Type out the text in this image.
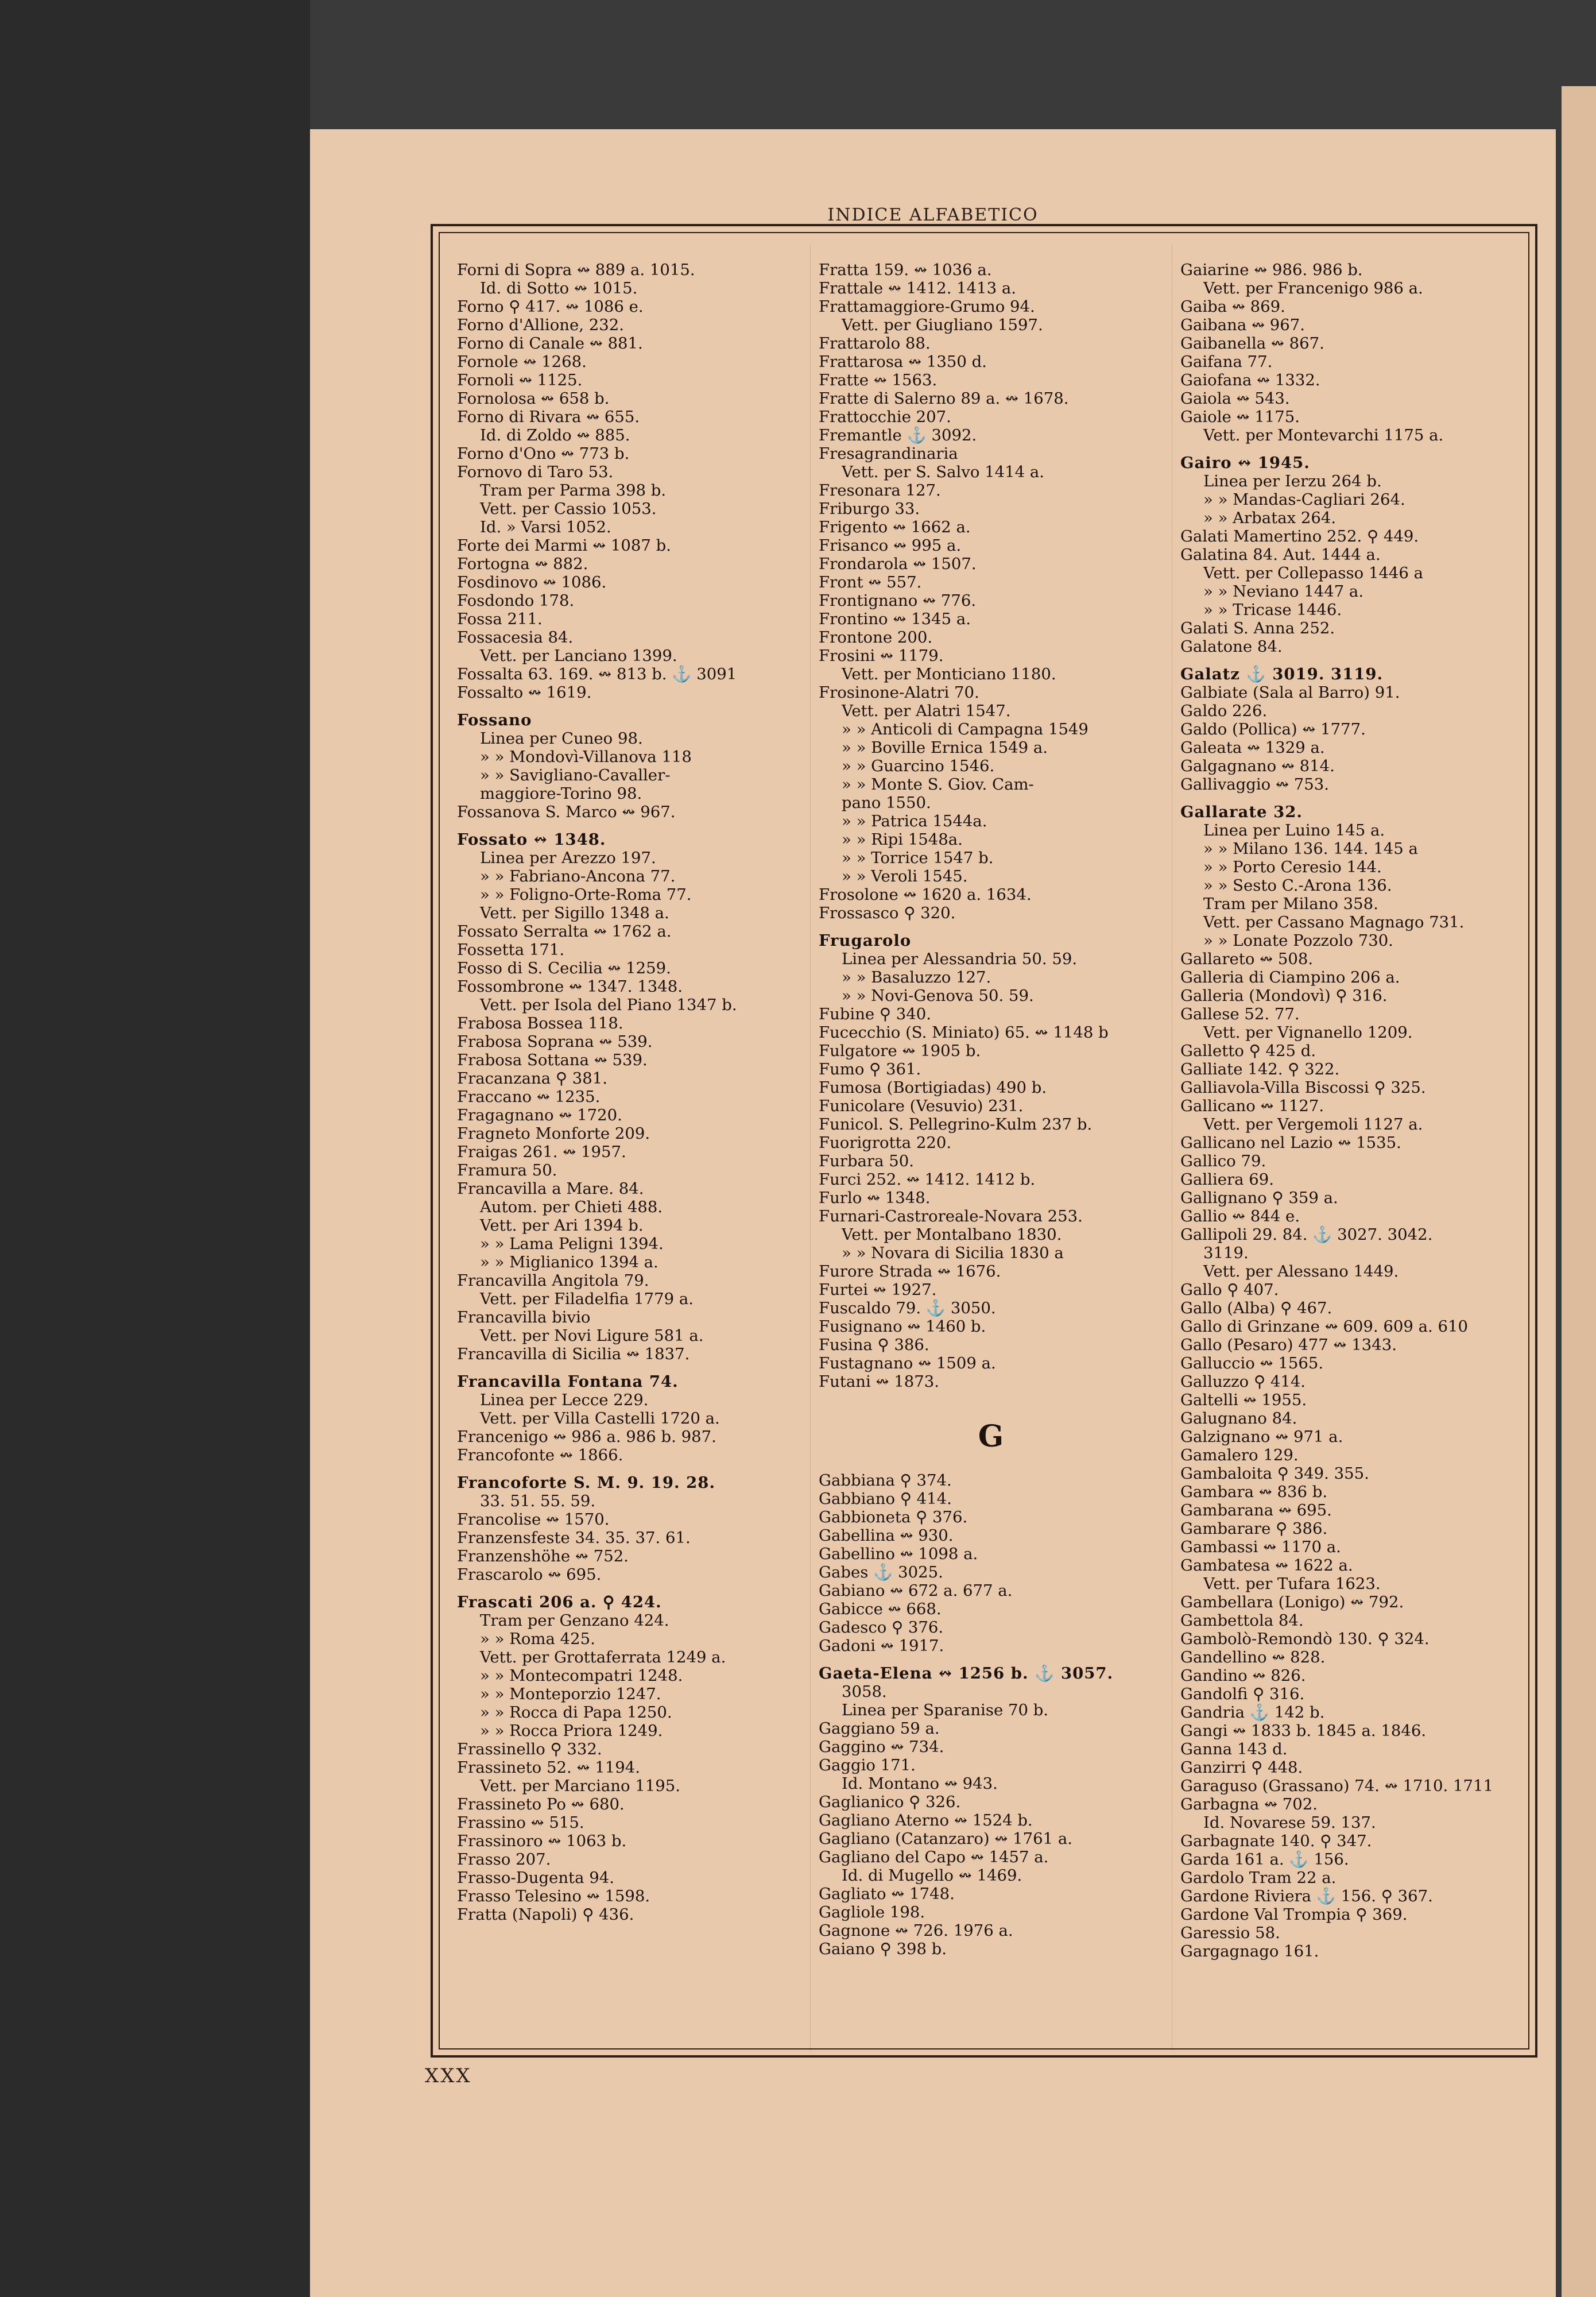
INDICE ALFABETICO
Forni di Sopra ↭ 889 a. 1015.
Id. di Sotto ↭ 1015.
Forno ⚲ 417. ↭ 1086 e.
Forno d'Allione, 232.
Forno di Canale ↭ 881.
Fornole ↭ 1268.
Fornoli ↭ 1125.
Fornolosa ↭ 658 b.
Forno di Rivara ↭ 655.
Id. di Zoldo ↭ 885.
Forno d'Ono ↭ 773 b.
Fornovo di Taro 53.
Tram per Parma 398 b.
Vett. per Cassio 1053.
Id. » Varsi 1052.
Forte dei Marmi ↭ 1087 b.
Fortogna ↭ 882.
Fosdinovo ↭ 1086.
Fosdondo 178.
Fossa 211.
Fossacesia 84.
Vett. per Lanciano 1399.
Fossalta 63. 169. ↭ 813 b. ⚓ 3091
Fossalto ↭ 1619.
Fossano
Linea per Cuneo 98.
» » Mondovì-Villanova 118
» » Savigliano-Cavaller-
maggiore-Torino 98.
Fossanova S. Marco ↭ 967.
Fossato ↭ 1348.
Linea per Arezzo 197.
» » Fabriano-Ancona 77.
» » Foligno-Orte-Roma 77.
Vett. per Sigillo 1348 a.
Fossato Serralta ↭ 1762 a.
Fossetta 171.
Fosso di S. Cecilia ↭ 1259.
Fossombrone ↭ 1347. 1348.
Vett. per Isola del Piano 1347 b.
Frabosa Bossea 118.
Frabosa Soprana ↭ 539.
Frabosa Sottana ↭ 539.
Fracanzana ⚲ 381.
Fraccano ↭ 1235.
Fragagnano ↭ 1720.
Fragneto Monforte 209.
Fraigas 261. ↭ 1957.
Framura 50.
Francavilla a Mare. 84.
Autom. per Chieti 488.
Vett. per Ari 1394 b.
» » Lama Peligni 1394.
» » Miglianico 1394 a.
Francavilla Angitola 79.
Vett. per Filadelfia 1779 a.
Francavilla bivio
Vett. per Novi Ligure 581 a.
Francavilla di Sicilia ↭ 1837.
Francavilla Fontana 74.
Linea per Lecce 229.
Vett. per Villa Castelli 1720 a.
Francenigo ↭ 986 a. 986 b. 987.
Francofonte ↭ 1866.
Francoforte S. M. 9. 19. 28.
33. 51. 55. 59.
Francolise ↭ 1570.
Franzensfeste 34. 35. 37. 61.
Franzenshöhe ↭ 752.
Frascarolo ↭ 695.
Frascati 206 a. ⚲ 424.
Tram per Genzano 424.
» » Roma 425.
Vett. per Grottaferrata 1249 a.
» » Montecompatri 1248.
» » Monteporzio 1247.
» » Rocca di Papa 1250.
» » Rocca Priora 1249.
Frassinello ⚲ 332.
Frassineto 52. ↭ 1194.
Vett. per Marciano 1195.
Frassineto Po ↭ 680.
Frassino ↭ 515.
Frassinoro ↭ 1063 b.
Frasso 207.
Frasso-Dugenta 94.
Frasso Telesino ↭ 1598.
Fratta (Napoli) ⚲ 436.
Fratta 159. ↭ 1036 a.
Frattale ↭ 1412. 1413 a.
Frattamaggiore-Grumo 94.
Vett. per Giugliano 1597.
Frattarolo 88.
Frattarosa ↭ 1350 d.
Fratte ↭ 1563.
Fratte di Salerno 89 a. ↭ 1678.
Frattocchie 207.
Fremantle ⚓ 3092.
Fresagrandinaria
Vett. per S. Salvo 1414 a.
Fresonara 127.
Friburgo 33.
Frigento ↭ 1662 a.
Frisanco ↭ 995 a.
Frondarola ↭ 1507.
Front ↭ 557.
Frontignano ↭ 776.
Frontino ↭ 1345 a.
Frontone 200.
Frosini ↭ 1179.
Vett. per Monticiano 1180.
Frosinone-Alatri 70.
Vett. per Alatri 1547.
» » Anticoli di Campagna 1549
» » Boville Ernica 1549 a.
» » Guarcino 1546.
» » Monte S. Giov. Cam-
pano 1550.
» » Patrica 1544a.
» » Ripi 1548a.
» » Torrice 1547 b.
» » Veroli 1545.
Frosolone ↭ 1620 a. 1634.
Frossasco ⚲ 320.
Frugarolo
Linea per Alessandria 50. 59.
» » Basaluzzo 127.
» » Novi-Genova 50. 59.
Fubine ⚲ 340.
Fucecchio (S. Miniato) 65. ↭ 1148 b
Fulgatore ↭ 1905 b.
Fumo ⚲ 361.
Fumosa (Bortigiadas) 490 b.
Funicolare (Vesuvio) 231.
Funicol. S. Pellegrino-Kulm 237 b.
Fuorigrotta 220.
Furbara 50.
Furci 252. ↭ 1412. 1412 b.
Furlo ↭ 1348.
Furnari-Castroreale-Novara 253.
Vett. per Montalbano 1830.
» » Novara di Sicilia 1830 a
Furore Strada ↭ 1676.
Furtei ↭ 1927.
Fuscaldo 79. ⚓ 3050.
Fusignano ↭ 1460 b.
Fusina ⚲ 386.
Fustagnano ↭ 1509 a.
Futani ↭ 1873.
G
Gabbiana ⚲ 374.
Gabbiano ⚲ 414.
Gabbioneta ⚲ 376.
Gabellina ↭ 930.
Gabellino ↭ 1098 a.
Gabes ⚓ 3025.
Gabiano ↭ 672 a. 677 a.
Gabicce ↭ 668.
Gadesco ⚲ 376.
Gadoni ↭ 1917.
Gaeta-Elena ↭ 1256 b. ⚓ 3057.
3058.
Linea per Sparanise 70 b.
Gaggiano 59 a.
Gaggino ↭ 734.
Gaggio 171.
Id. Montano ↭ 943.
Gaglianico ⚲ 326.
Gagliano Aterno ↭ 1524 b.
Gagliano (Catanzaro) ↭ 1761 a.
Gagliano del Capo ↭ 1457 a.
Id. di Mugello ↭ 1469.
Gagliato ↭ 1748.
Gagliole 198.
Gagnone ↭ 726. 1976 a.
Gaiano ⚲ 398 b.
Gaiarine ↭ 986. 986 b.
Vett. per Francenigo 986 a.
Gaiba ↭ 869.
Gaibana ↭ 967.
Gaibanella ↭ 867.
Gaifana 77.
Gaiofana ↭ 1332.
Gaiola ↭ 543.
Gaiole ↭ 1175.
Vett. per Montevarchi 1175 a.
Gairo ↭ 1945.
Linea per Ierzu 264 b.
» » Mandas-Cagliari 264.
» » Arbatax 264.
Galati Mamertino 252. ⚲ 449.
Galatina 84. Aut. 1444 a.
Vett. per Collepasso 1446 a
» » Neviano 1447 a.
» » Tricase 1446.
Galati S. Anna 252.
Galatone 84.
Galatz ⚓ 3019. 3119.
Galbiate (Sala al Barro) 91.
Galdo 226.
Galdo (Pollica) ↭ 1777.
Galeata ↭ 1329 a.
Galgagnano ↭ 814.
Gallivaggio ↭ 753.
Gallarate 32.
Linea per Luino 145 a.
» » Milano 136. 144. 145 a
» » Porto Ceresio 144.
» » Sesto C.-Arona 136.
Tram per Milano 358.
Vett. per Cassano Magnago 731.
» » Lonate Pozzolo 730.
Gallareto ↭ 508.
Galleria di Ciampino 206 a.
Galleria (Mondovì) ⚲ 316.
Gallese 52. 77.
Vett. per Vignanello 1209.
Galletto ⚲ 425 d.
Galliate 142. ⚲ 322.
Galliavola-Villa Biscossi ⚲ 325.
Gallicano ↭ 1127.
Vett. per Vergemoli 1127 a.
Gallicano nel Lazio ↭ 1535.
Gallico 79.
Galliera 69.
Gallignano ⚲ 359 a.
Gallio ↭ 844 e.
Gallipoli 29. 84. ⚓ 3027. 3042.
3119.
Vett. per Alessano 1449.
Gallo ⚲ 407.
Gallo (Alba) ⚲ 467.
Gallo di Grinzane ↭ 609. 609 a. 610
Gallo (Pesaro) 477 ↭ 1343.
Galluccio ↭ 1565.
Galluzzo ⚲ 414.
Galtelli ↭ 1955.
Galugnano 84.
Galzignano ↭ 971 a.
Gamalero 129.
Gambaloita ⚲ 349. 355.
Gambara ↭ 836 b.
Gambarana ↭ 695.
Gambarare ⚲ 386.
Gambassi ↭ 1170 a.
Gambatesa ↭ 1622 a.
Vett. per Tufara 1623.
Gambellara (Lonigo) ↭ 792.
Gambettola 84.
Gambolò-Remondò 130. ⚲ 324.
Gandellino ↭ 828.
Gandino ↭ 826.
Gandolfi ⚲ 316.
Gandria ⚓ 142 b.
Gangi ↭ 1833 b. 1845 a. 1846.
Ganna 143 d.
Ganzirri ⚲ 448.
Garaguso (Grassano) 74. ↭ 1710. 1711
Garbagna ↭ 702.
Id. Novarese 59. 137.
Garbagnate 140. ⚲ 347.
Garda 161 a. ⚓ 156.
Gardolo Tram 22 a.
Gardone Riviera ⚓ 156. ⚲ 367.
Gardone Val Trompia ⚲ 369.
Garessio 58.
Gargagnago 161.
XXX
